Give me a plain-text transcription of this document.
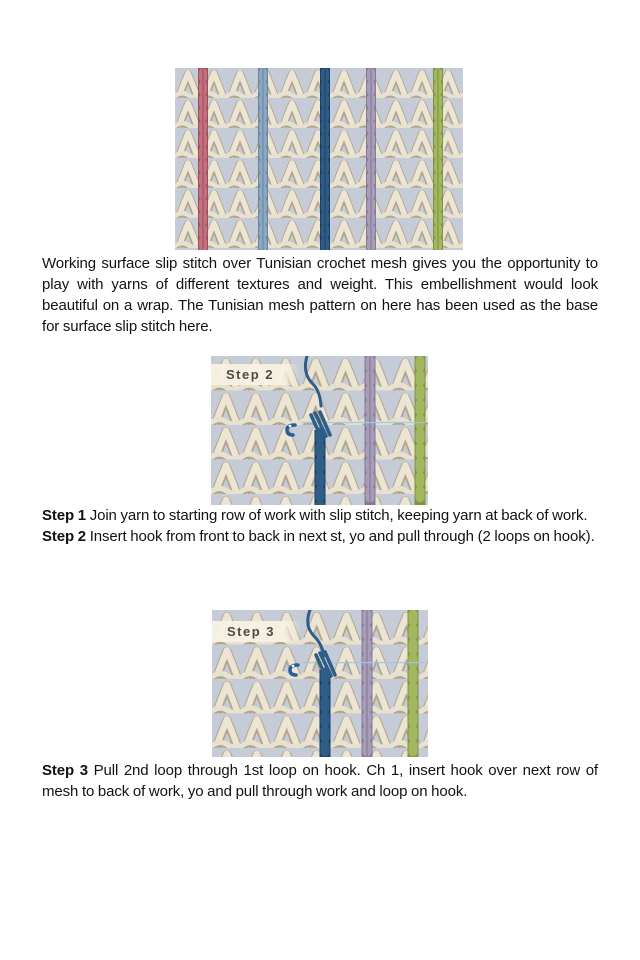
Working surface slip stitch over Tunisian crochet mesh gives you the opportunity to play with yarns of different textures and weight. This embellishment would look beautiful on a wrap. The Tunisian mesh pattern on here has been used as the base for surface slip stitch here.

Step 2

Step 1 Join yarn to starting row of work with slip stitch, keeping yarn at back of work.

Step 2 Insert hook from front to back in next st, yo and pull through (2 loops on hook).

Step 3

Step 3 Pull 2nd loop through 1st loop on hook. Ch 1, insert hook over next row of mesh to back of work, yo and pull through work and loop on hook.
